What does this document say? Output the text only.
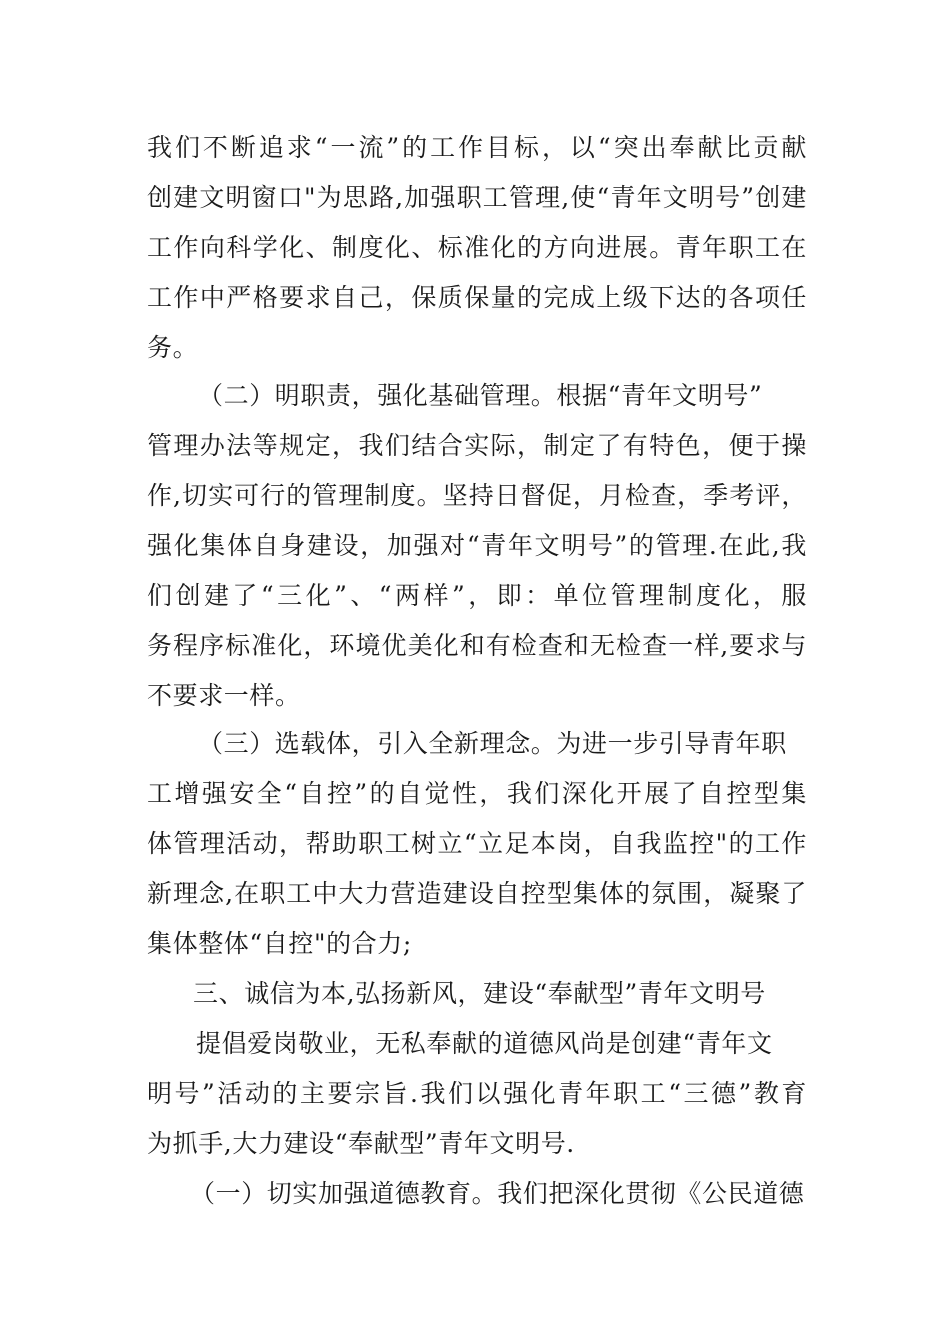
我们不断追求“一流”的工作目标，以“突出奉献比贡献
创建文明窗口"为思路,加强职工管理,使“青年文明号”创建
工作向科学化、制度化、标准化的方向进展。青年职工在
工作中严格要求自己，保质保量的完成上级下达的各项任
务。
（二）明职责，强化基础管理。根据“青年文明号”
管理办法等规定，我们结合实际，制定了有特色，便于操
作,切实可行的管理制度。坚持日督促，月检查，季考评，
强化集体自身建设，加强对“青年文明号”的管理.在此,我
们创建了“三化”、“两样”，即：单位管理制度化，服
务程序标准化，环境优美化和有检查和无检查一样,要求与
不要求一样。
（三）选载体，引入全新理念。为进一步引导青年职
工增强安全“自控”的自觉性，我们深化开展了自控型集
体管理活动，帮助职工树立“立足本岗，自我监控"的工作
新理念,在职工中大力营造建设自控型集体的氛围，凝聚了
集体整体“自控"的合力;
三、诚信为本,弘扬新风，建设“奉献型”青年文明号
提倡爱岗敬业，无私奉献的道德风尚是创建“青年文
明号”活动的主要宗旨.我们以强化青年职工“三德”教育
为抓手,大力建设“奉献型”青年文明号.
（一）切实加强道德教育。我们把深化贯彻《公民道德
